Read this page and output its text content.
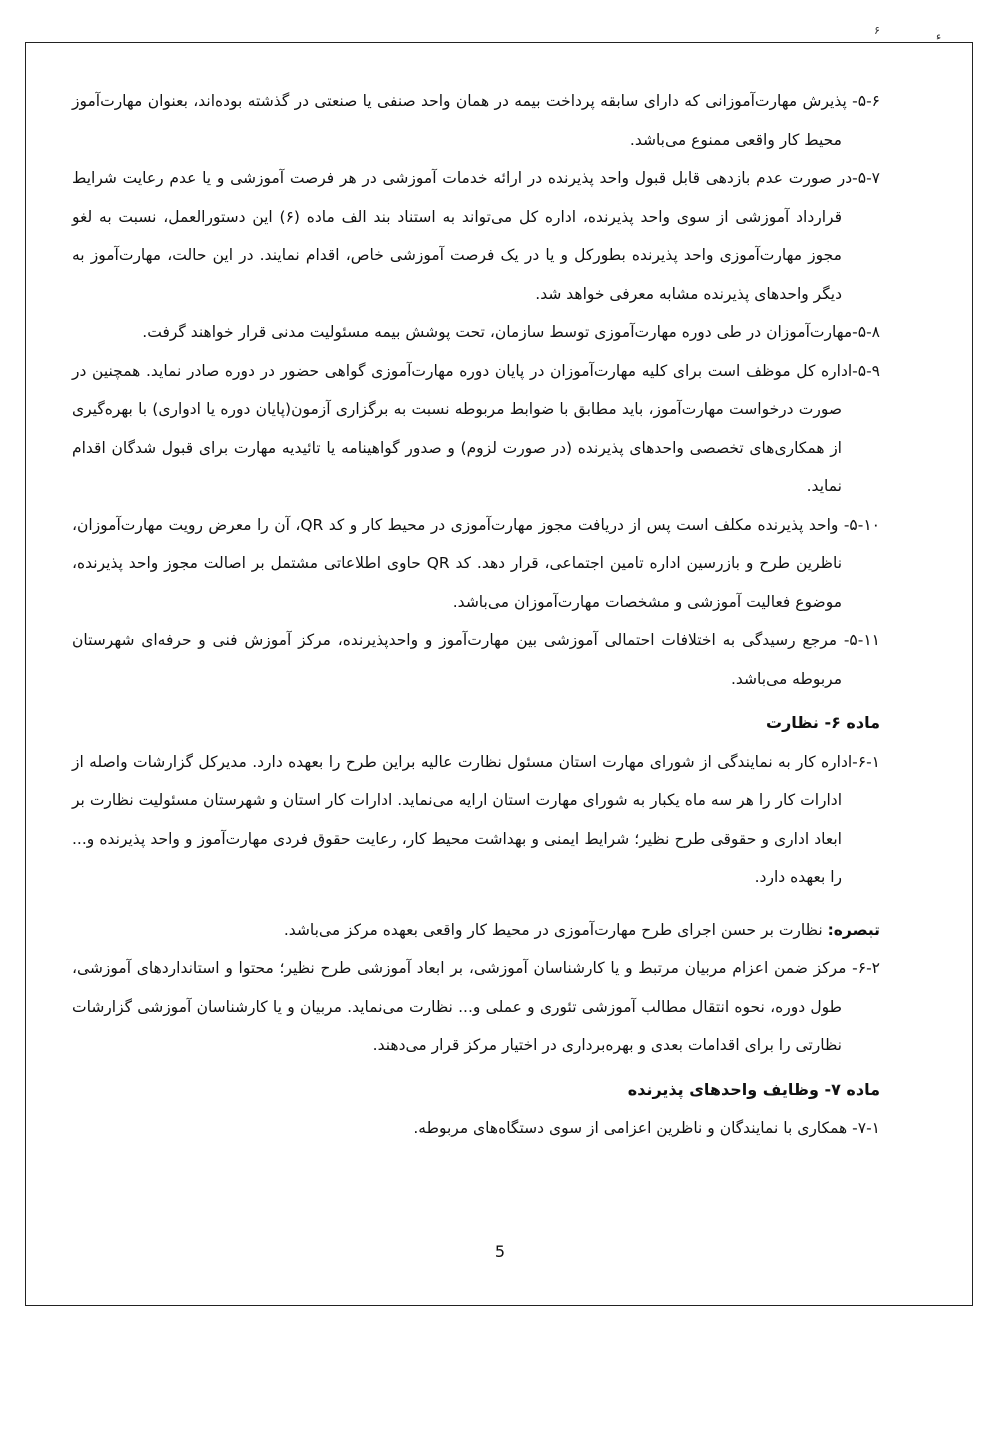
۶	ء

۵-۶- پذیرش مهارت‌آموزانی که دارای سابقه پرداخت بیمه در همان واحد صنفی یا صنعتی در گذشته بوده‌اند، بعنوان مهارت‌آموز محیط کار واقعی ممنوع می‌باشد.

۵-۷-در صورت عدم بازدهی قابل قبول واحد پذیرنده در ارائه خدمات آموزشی در هر فرصت آموزشی و یا عدم رعایت شرایط قرارداد آموزشی از سوی واحد پذیرنده، اداره کل می‌تواند به استناد بند الف ماده (۶) این دستورالعمل، نسبت به لغو مجوز مهارت‌آموزی واحد پذیرنده بطورکل و یا در یک فرصت آموزشی خاص، اقدام نمایند. در این حالت، مهارت‌آموز به دیگر واحدهای پذیرنده مشابه معرفی خواهد شد.

۵-۸-مهارت‌آموزان در طی دوره مهارت‌آموزی توسط سازمان، تحت پوشش بیمه مسئولیت مدنی قرار خواهند گرفت.

۵-۹-اداره کل موظف است برای کلیه مهارت‌آموزان در پایان دوره مهارت‌آموزی گواهی حضور در دوره صادر نماید. همچنین در صورت درخواست مهارت‌آموز، باید مطابق با ضوابط مربوطه نسبت به برگزاری آزمون(پایان دوره یا ادواری) با بهره‌گیری از همکاری‌های تخصصی واحدهای پذیرنده (در صورت لزوم) و صدور گواهینامه یا تائیدیه مهارت برای قبول شدگان اقدام نماید.

۵-۱۰- واحد پذیرنده مکلف است پس از دریافت مجوز مهارت‌آموزی در محیط کار و کد QR، آن را معرض رویت مهارت‌آموزان، ناظرین طرح و بازرسین اداره تامین اجتماعی، قرار دهد. کد QR حاوی اطلاعاتی مشتمل بر اصالت مجوز واحد پذیرنده، موضوع فعالیت آموزشی و مشخصات مهارت‌آموزان می‌باشد.

۵-۱۱- مرجع رسیدگی به اختلافات احتمالی آموزشی بین مهارت‌آموز و واحدپذیرنده، مرکز آموزش فنی و حرفه‌ای شهرستان مربوطه می‌باشد.

ماده ۶- نظارت

۶-۱-اداره کار به نمایندگی از شورای مهارت استان مسئول نظارت عالیه براین طرح را بعهده دارد. مدیرکل گزارشات واصله از ادارات کار را هر سه ماه یکبار به شورای مهارت استان ارایه می‌نماید. ادارات کار استان و شهرستان مسئولیت نظارت بر ابعاد اداری و حقوقی طرح نظیر؛ شرایط ایمنی و بهداشت محیط کار، رعایت حقوق فردی مهارت‌آموز و واحد پذیرنده و... را بعهده دارد.

تبصره: نظارت بر حسن اجرای طرح مهارت‌آموزی در محیط کار واقعی بعهده مرکز می‌باشد.

۶-۲- مرکز ضمن اعزام مربیان مرتبط و یا کارشناسان آموزشی، بر ابعاد آموزشی طرح نظیر؛ محتوا و استانداردهای آموزشی، طول دوره، نحوه انتقال مطالب آموزشی تئوری و عملی و... نظارت می‌نماید. مربیان و یا کارشناسان آموزشی گزارشات نظارتی را برای اقدامات بعدی و بهره‌برداری در اختیار مرکز قرار می‌دهند.

ماده ۷- وظایف واحدهای پذیرنده

۷-۱- همکاری با نمایندگان و ناظرین اعزامی از سوی دستگاه‌های مربوطه.

5
